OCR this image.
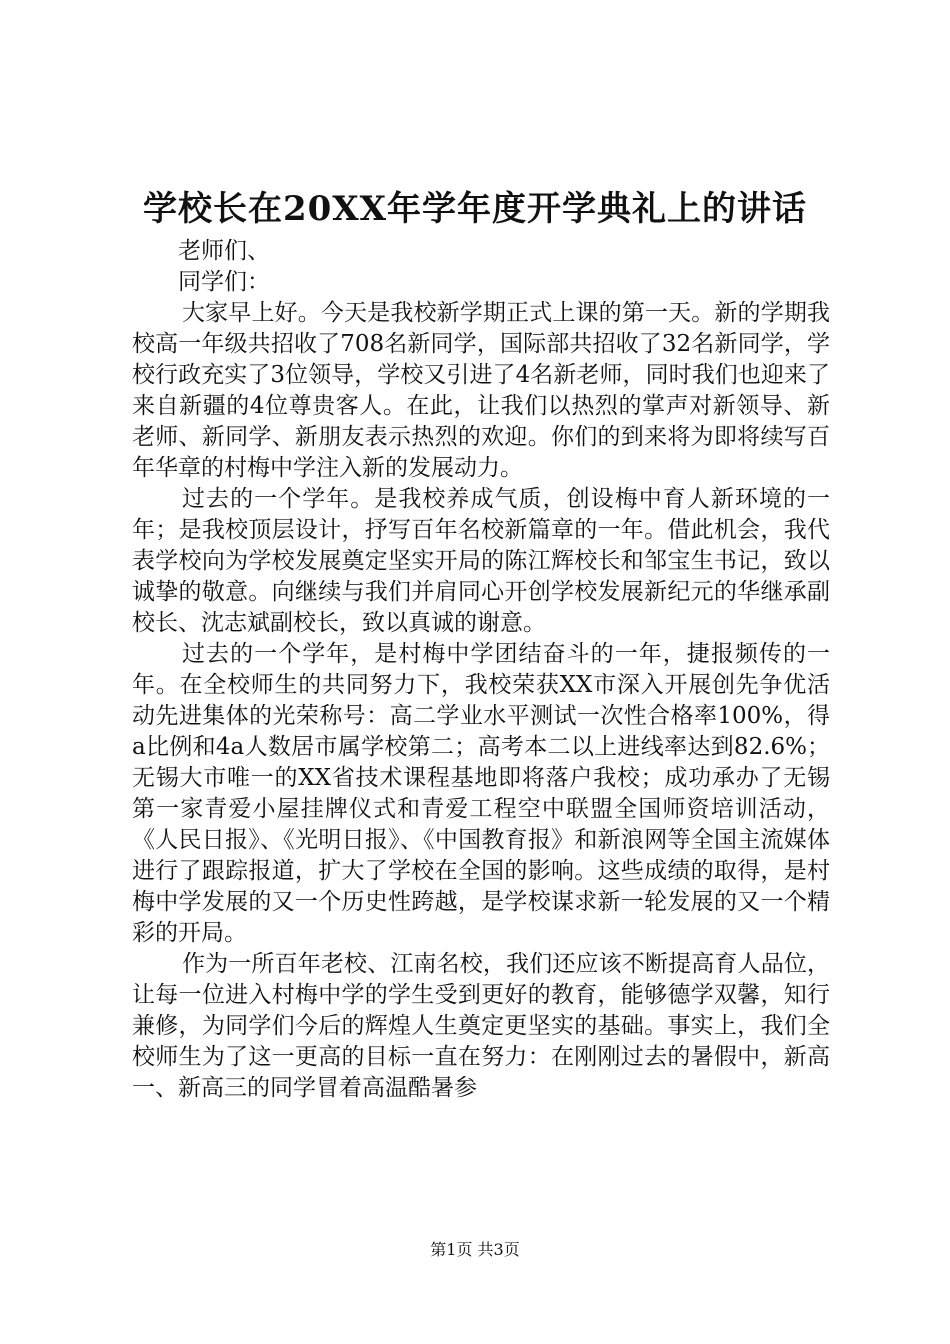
学校长在20XX年学年度开学典礼上的讲话

老师们、

同学们：

大家早上好。今天是我校新学期正式上课的第一天。新的学期我校高一年级共招收了708名新同学，国际部共招收了32名新同学，学校行政充实了3位领导，学校又引进了4名新老师，同时我们也迎来了来自新疆的4位尊贵客人。在此，让我们以热烈的掌声对新领导、新老师、新同学、新朋友表示热烈的欢迎。你们的到来将为即将续写百年华章的村梅中学注入新的发展动力。

过去的一个学年。是我校养成气质，创设梅中育人新环境的一年；是我校顶层设计，抒写百年名校新篇章的一年。借此机会，我代表学校向为学校发展奠定坚实开局的陈江辉校长和邹宝生书记，致以诚挚的敬意。向继续与我们并肩同心开创学校发展新纪元的华继承副校长、沈志斌副校长，致以真诚的谢意。

过去的一个学年，是村梅中学团结奋斗的一年，捷报频传的一年。在全校师生的共同努力下，我校荣获XX市深入开展创先争优活动先进集体的光荣称号：高二学业水平测试一次性合格率100%，得a比例和4a人数居市属学校第二；高考本二以上进线率达到82.6%；无锡大市唯一的XX省技术课程基地即将落户我校；成功承办了无锡第一家青爱小屋挂牌仪式和青爱工程空中联盟全国师资培训活动，《人民日报》、《光明日报》、《中国教育报》和新浪网等全国主流媒体进行了跟踪报道，扩大了学校在全国的影响。这些成绩的取得，是村梅中学发展的又一个历史性跨越，是学校谋求新一轮发展的又一个精彩的开局。

作为一所百年老校、江南名校，我们还应该不断提高育人品位，让每一位进入村梅中学的学生受到更好的教育，能够德学双馨，知行兼修，为同学们今后的辉煌人生奠定更坚实的基础。事实上，我们全校师生为了这一更高的目标一直在努力：在刚刚过去的暑假中，新高一、新高三的同学冒着高温酷暑参

第1页 共3页
